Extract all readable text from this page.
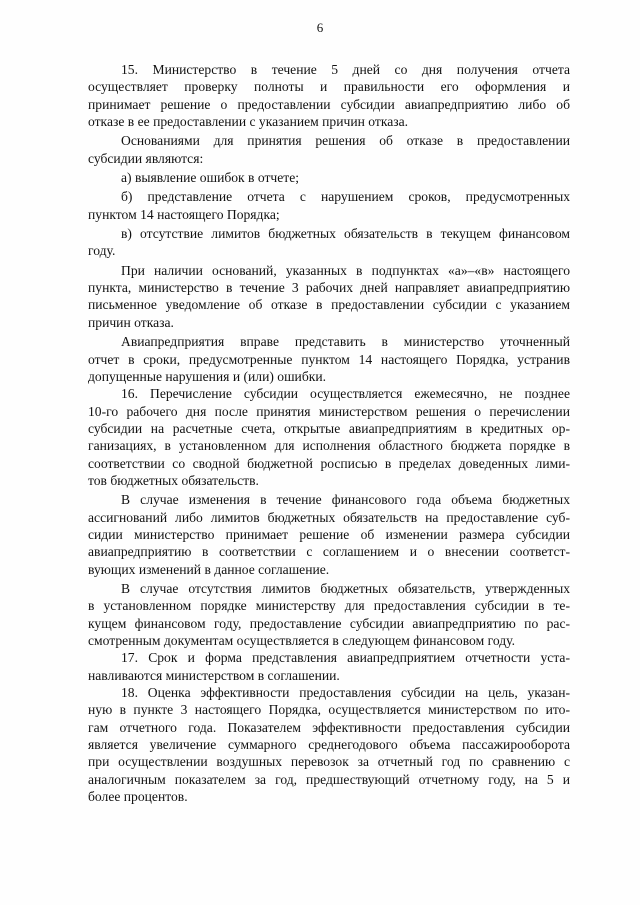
6
15. Министерство в течение 5 дней со дня получения отчета
осуществляет проверку полноты и правильности его оформления и
принимает решение о предоставлении субсидии авиапредприятию либо об
отказе в ее предоставлении с указанием причин отказа.
Основаниями для принятия решения об отказе в предоставлении
субсидии являются:
а) выявление ошибок в отчете;
б) представление отчета с нарушением сроков, предусмотренных
пунктом 14 настоящего Порядка;
в) отсутствие лимитов бюджетных обязательств в текущем финансовом
году.
При наличии оснований, указанных в подпунктах «а»–«в» настоящего
пункта, министерство в течение 3 рабочих дней направляет авиапредприятию
письменное уведомление об отказе в предоставлении субсидии с указанием
причин отказа.
Авиапредприятия вправе представить в министерство уточненный
отчет в сроки, предусмотренные пунктом 14 настоящего Порядка, устранив
допущенные нарушения и (или) ошибки.
16. Перечисление субсидии осуществляется ежемесячно, не позднее
10-го рабочего дня после принятия министерством решения о перечислении
субсидии на расчетные счета, открытые авиапредприятиям в кредитных ор-
ганизациях, в установленном для исполнения областного бюджета порядке в
соответствии со сводной бюджетной росписью в пределах доведенных лими-
тов бюджетных обязательств.
В случае изменения в течение финансового года объема бюджетных
ассигнований либо лимитов бюджетных обязательств на предоставление суб-
сидии министерство принимает решение об изменении размера субсидии
авиапредприятию в соответствии с соглашением и о внесении соответст-
вующих изменений в данное соглашение.
В случае отсутствия лимитов бюджетных обязательств, утвержденных
в установленном порядке министерству для предоставления субсидии в те-
кущем финансовом году, предоставление субсидии авиапредприятию по рас-
смотренным документам осуществляется в следующем финансовом году.
17. Срок и форма представления авиапредприятием отчетности уста-
навливаются министерством в соглашении.
18. Оценка эффективности предоставления субсидии на цель, указан-
ную в пункте 3 настоящего Порядка, осуществляется министерством по ито-
гам отчетного года. Показателем эффективности предоставления субсидии
является увеличение суммарного среднегодового объема пассажирооборота
при осуществлении воздушных перевозок за отчетный год по сравнению с
аналогичным показателем за год, предшествующий отчетному году, на 5 и
более процентов.
